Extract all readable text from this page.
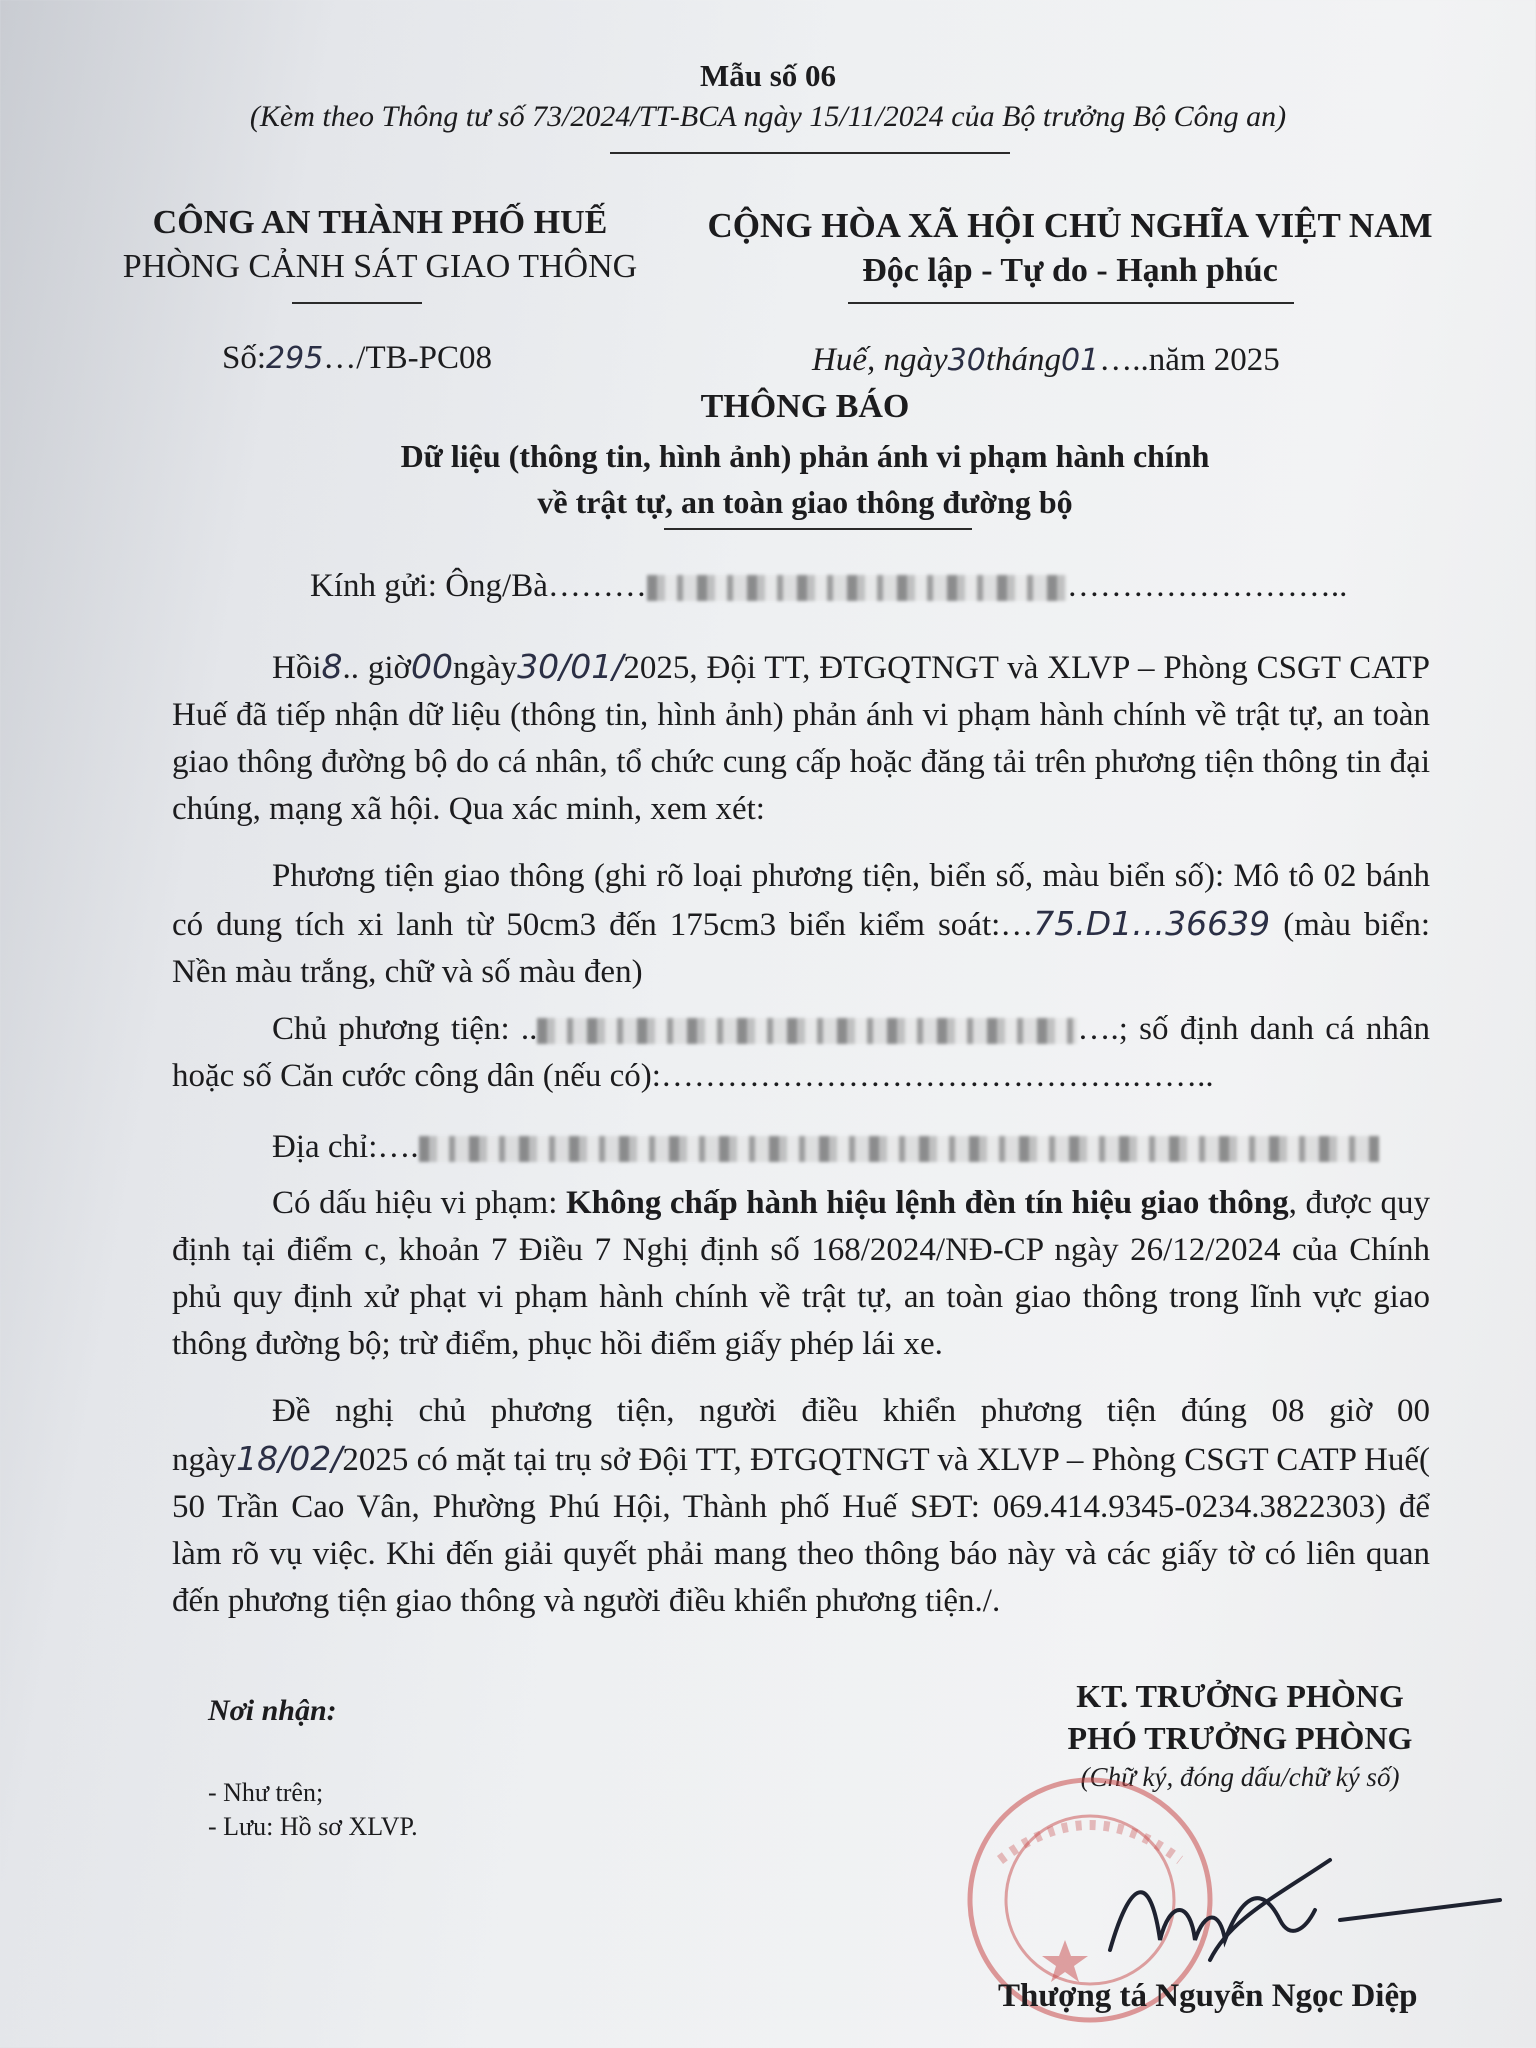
Mẫu số 06
(Kèm theo Thông tư số 73/2024/TT-BCA ngày 15/11/2024 của Bộ trưởng Bộ Công an)
CÔNG AN THÀNH PHỐ HUẾ
PHÒNG CẢNH SÁT GIAO THÔNG
CỘNG HÒA XÃ HỘI CHỦ NGHĨA VIỆT NAM
Độc lập - Tự do - Hạnh phúc
Số:295…/TB-PC08	Huế, ngày30tháng01…..năm 2025
THÔNG BÁO
Dữ liệu (thông tin, hình ảnh) phản ánh vi phạm hành chính
về trật tự, an toàn giao thông đường bộ
Kính gửi: Ông/Bà………	……………………..

Hồi8.. giờ00ngày30/01/2025, Đội TT, ĐTGQTNGT và XLVP – Phòng CSGT CATP Huế đã tiếp nhận dữ liệu (thông tin, hình ảnh) phản ánh vi phạm hành chính về trật tự, an toàn giao thông đường bộ do cá nhân, tổ chức cung cấp hoặc đăng tải trên phương tiện thông tin đại chúng, mạng xã hội. Qua xác minh, xem xét:

Phương tiện giao thông (ghi rõ loại phương tiện, biển số, màu biển số): Mô tô 02 bánh có dung tích xi lanh từ 50cm3 đến 175cm3 biển kiểm soát:…75.D1…36639 (màu biển: Nền màu trắng, chữ và số màu đen)

Chủ phương tiện: ..	….; số định danh cá nhân hoặc số Căn cước công dân (nếu có):…………………………………….……..

Địa chỉ:….

Có dấu hiệu vi phạm: Không chấp hành hiệu lệnh đèn tín hiệu giao thông, được quy định tại điểm c, khoản 7 Điều 7 Nghị định số 168/2024/NĐ-CP ngày 26/12/2024 của Chính phủ quy định xử phạt vi phạm hành chính về trật tự, an toàn giao thông trong lĩnh vực giao thông đường bộ; trừ điểm, phục hồi điểm giấy phép lái xe.

Đề nghị chủ phương tiện, người điều khiển phương tiện đúng 08 giờ 00 ngày18/02/2025 có mặt tại trụ sở Đội TT, ĐTGQTNGT và XLVP – Phòng CSGT CATP Huế( 50 Trần Cao Vân, Phường Phú Hội, Thành phố Huế SĐT: 069.414.9345-0234.3822303) để làm rõ vụ việc. Khi đến giải quyết phải mang theo thông báo này và các giấy tờ có liên quan đến phương tiện giao thông và người điều khiển phương tiện./.

Nơi nhận:
- Như trên;
- Lưu: Hồ sơ XLVP.
KT. TRƯỞNG PHÒNG
PHÓ TRƯỞNG PHÒNG
(Chữ ký, đóng dấu/chữ ký số)
Thượng tá Nguyễn Ngọc Diệp
